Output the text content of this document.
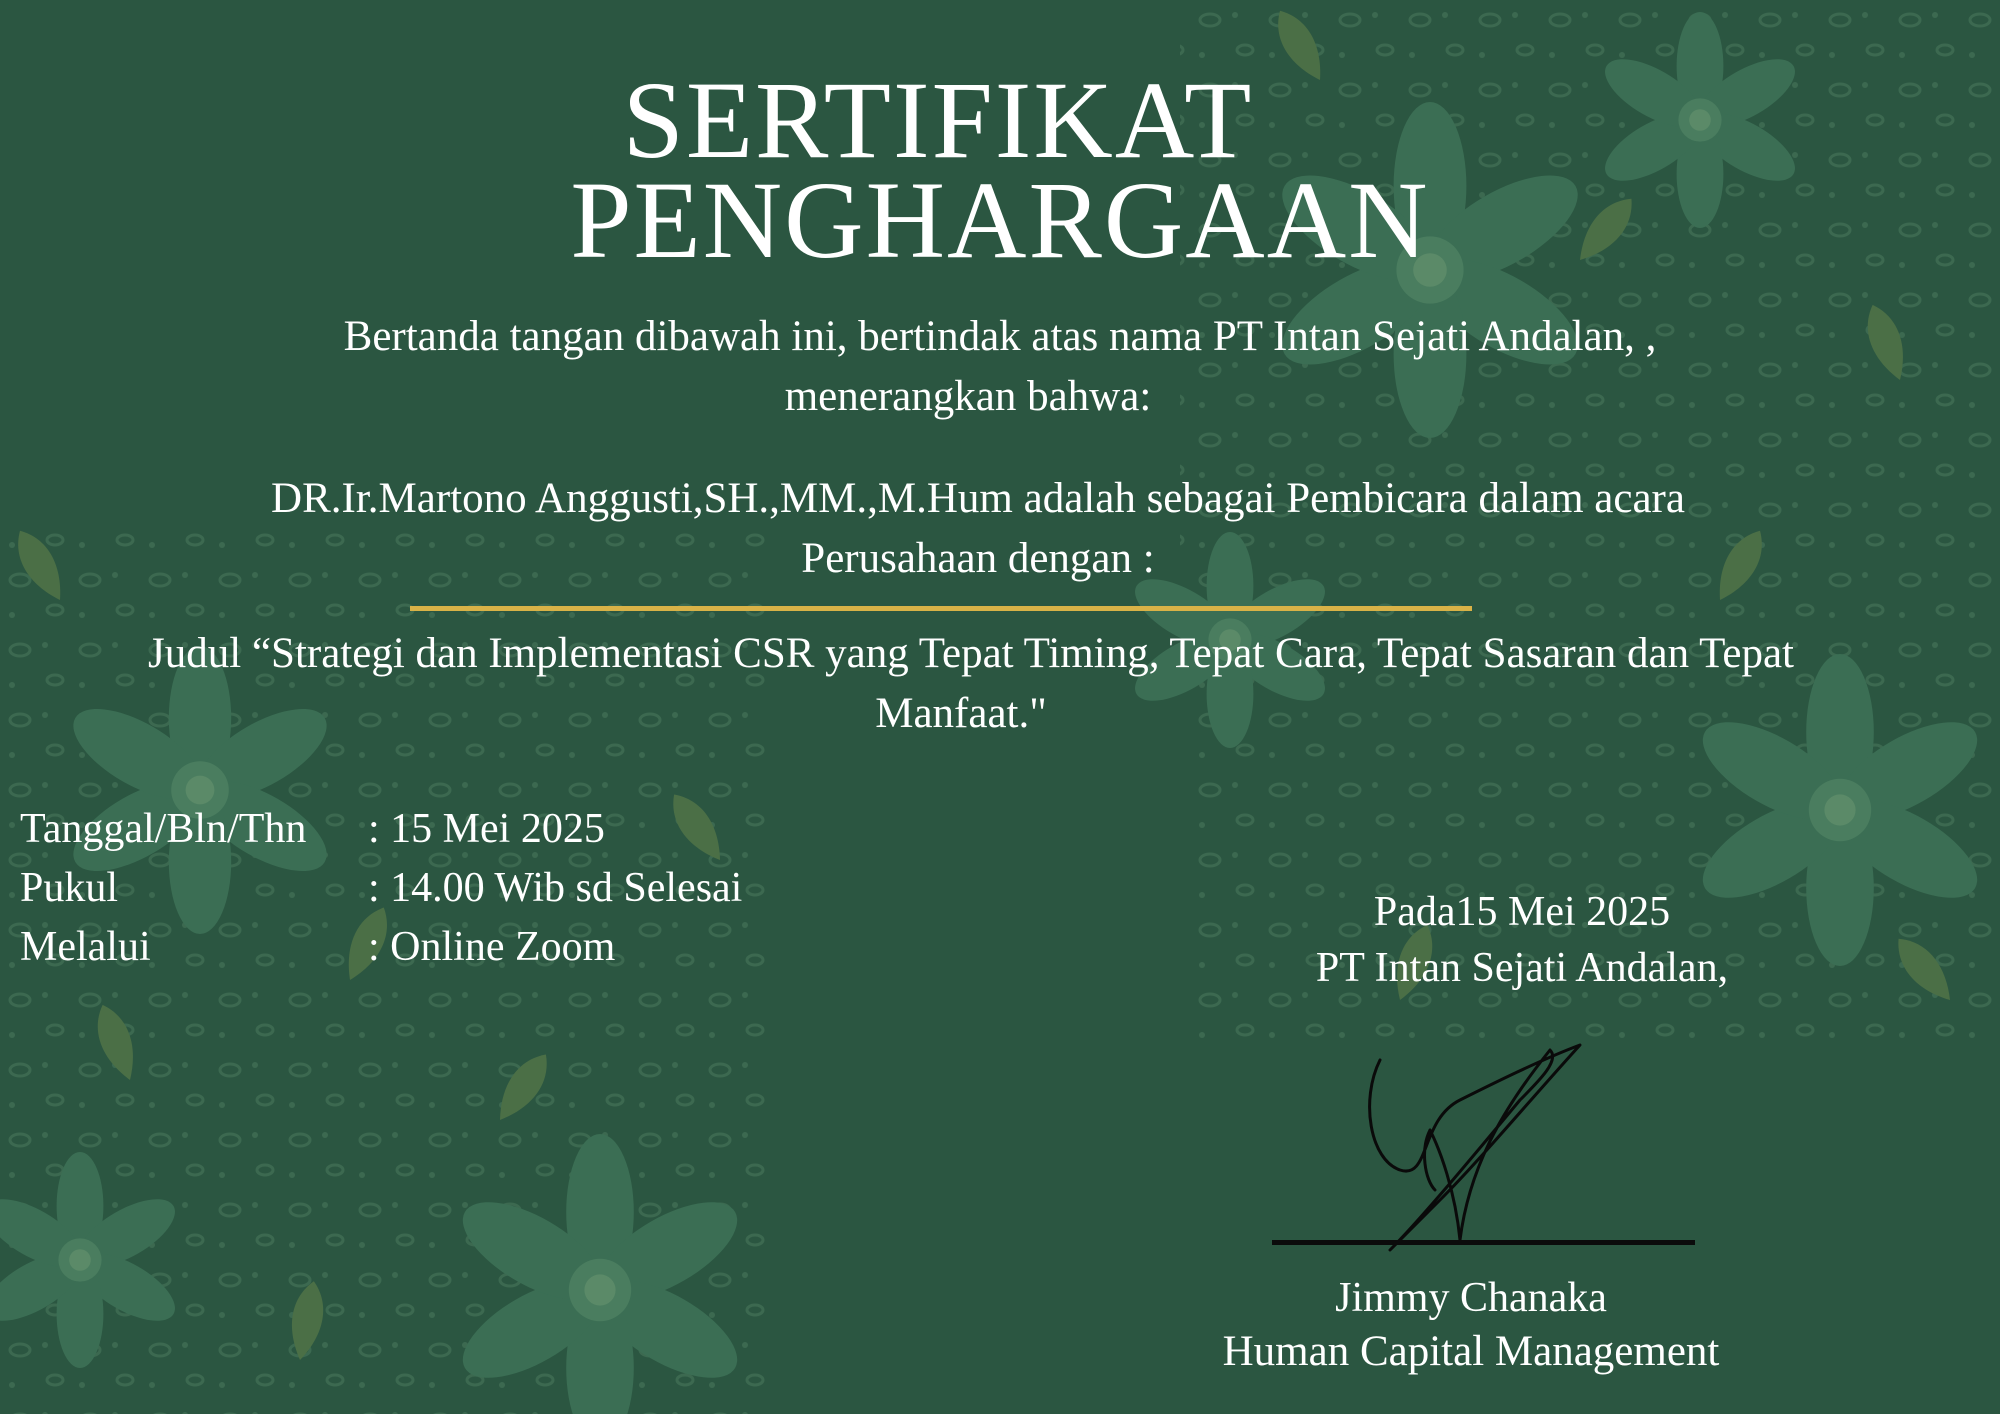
SERTIFIKAT
PENGHARGAAN
Bertanda tangan dibawah ini, bertindak atas nama PT Intan Sejati Andalan, ,
menerangkan bahwa:
DR.Ir.Martono Anggusti,SH.,MM.,M.Hum adalah sebagai Pembicara dalam acara
Perusahaan dengan :
Judul “Strategi dan Implementasi CSR yang Tepat Timing, Tepat Cara, Tepat Sasaran dan Tepat
Manfaat."
Tanggal/Bln/Thn	: 15 Mei 2025
Pukul	: 14.00 Wib sd Selesai
Melalui	: Online Zoom
Pada15 Mei 2025
PT Intan Sejati Andalan,
Jimmy Chanaka
Human Capital Management
